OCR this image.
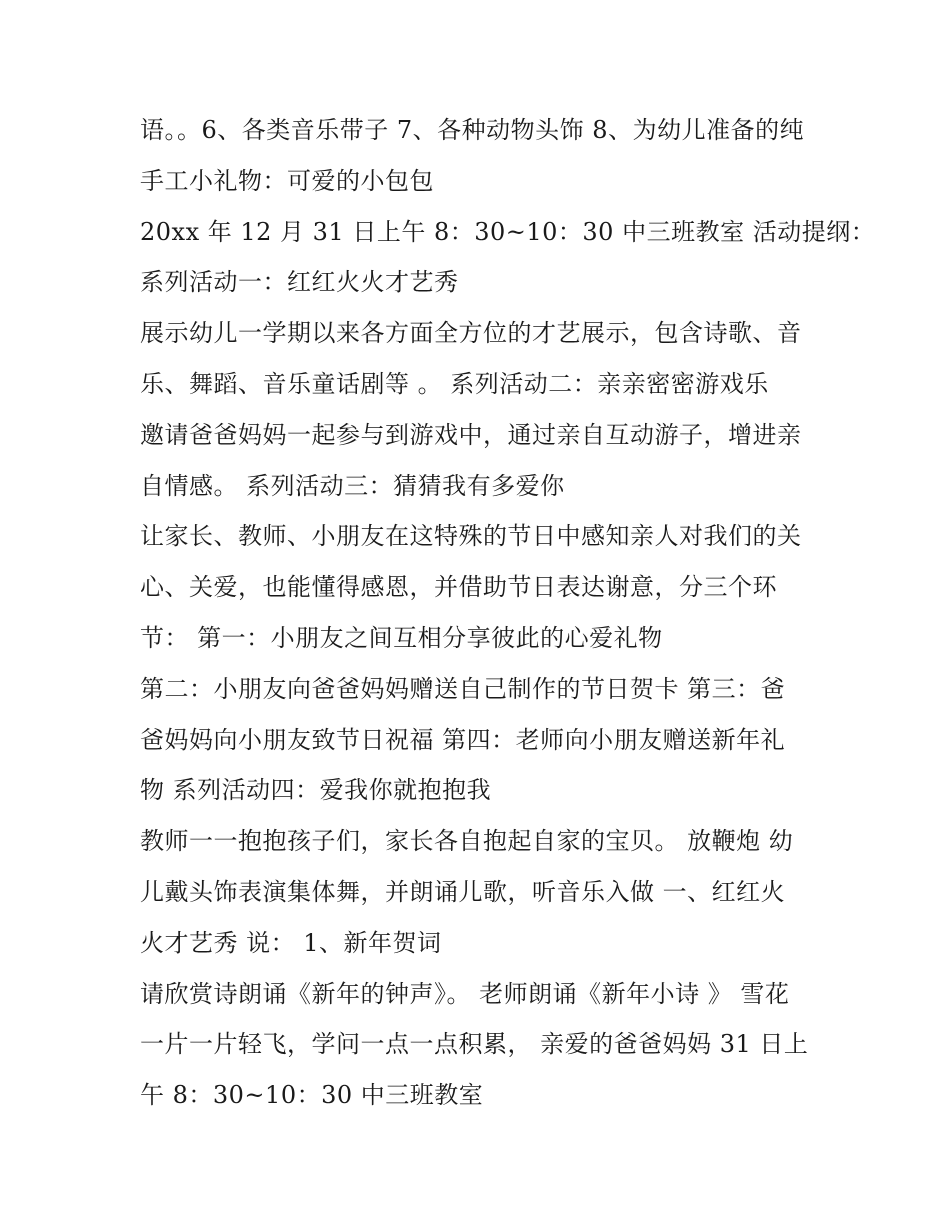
语。。6、各类音乐带子 7、各种动物头饰 8、为幼儿准备的纯
手工小礼物：可爱的小包包
20xx 年 12 月 31 日上午 8：30~10：30 中三班教室 活动提纲：
系列活动一：红红火火才艺秀
展示幼儿一学期以来各方面全方位的才艺展示，包含诗歌、音
乐、舞蹈、音乐童话剧等 。 系列活动二：亲亲密密游戏乐
邀请爸爸妈妈一起参与到游戏中，通过亲自互动游子，增进亲
自情感。 系列活动三：猜猜我有多爱你
让家长、教师、小朋友在这特殊的节日中感知亲人对我们的关
心、关爱，也能懂得感恩，并借助节日表达谢意，分三个环
节： 第一：小朋友之间互相分享彼此的心爱礼物
第二：小朋友向爸爸妈妈赠送自己制作的节日贺卡 第三：爸
爸妈妈向小朋友致节日祝福 第四：老师向小朋友赠送新年礼
物 系列活动四：爱我你就抱抱我
教师一一抱抱孩子们，家长各自抱起自家的宝贝。 放鞭炮 幼
儿戴头饰表演集体舞，并朗诵儿歌，听音乐入做 一、红红火
火才艺秀 说： 1、新年贺词
请欣赏诗朗诵《新年的钟声》。 老师朗诵《新年小诗 》 雪花
一片一片轻飞，学问一点一点积累， 亲爱的爸爸妈妈 31 日上
午 8：30~10：30 中三班教室
